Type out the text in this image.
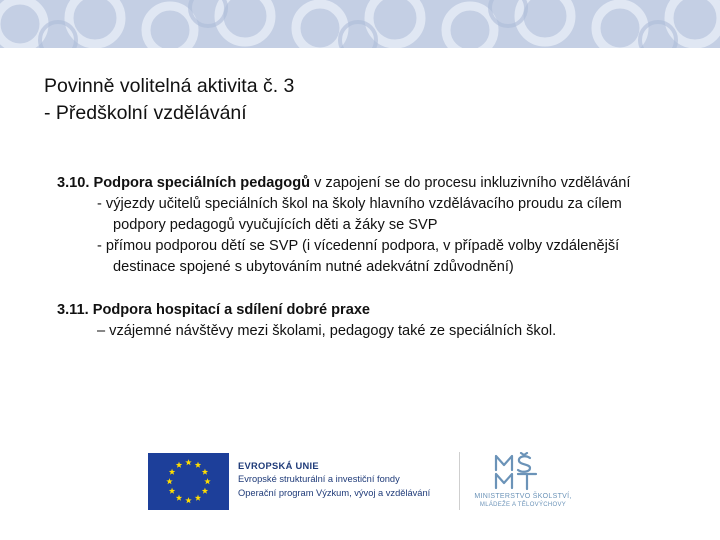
Povinně volitelná aktivita č. 3
- Předškolní vzdělávání

3.10. Podpora speciálních pedagogů v zapojení se do procesu inkluzivního vzdělávání

- výjezdy učitelů speciálních škol na školy hlavního vzdělávacího proudu za cílem

podpory pedagogů vyučujících děti a žáky se SVP

- přímou podporou dětí se SVP (i vícedenní podpora, v případě volby vzdálenější

destinace spojené s ubytováním nutné adekvátní zdůvodnění)

3.11. Podpora hospitací a sdílení dobré praxe

– vzájemné návštěvy mezi školami, pedagogy také ze speciálních škol.

EVROPSKÁ UNIE
Evropské strukturální a investiční fondy
Operační program Výzkum, vývoj a vzdělávání	MINISTERSTVO ŠKOLSTVÍ,
MLÁDEŽE A TĚLOVÝCHOVY
